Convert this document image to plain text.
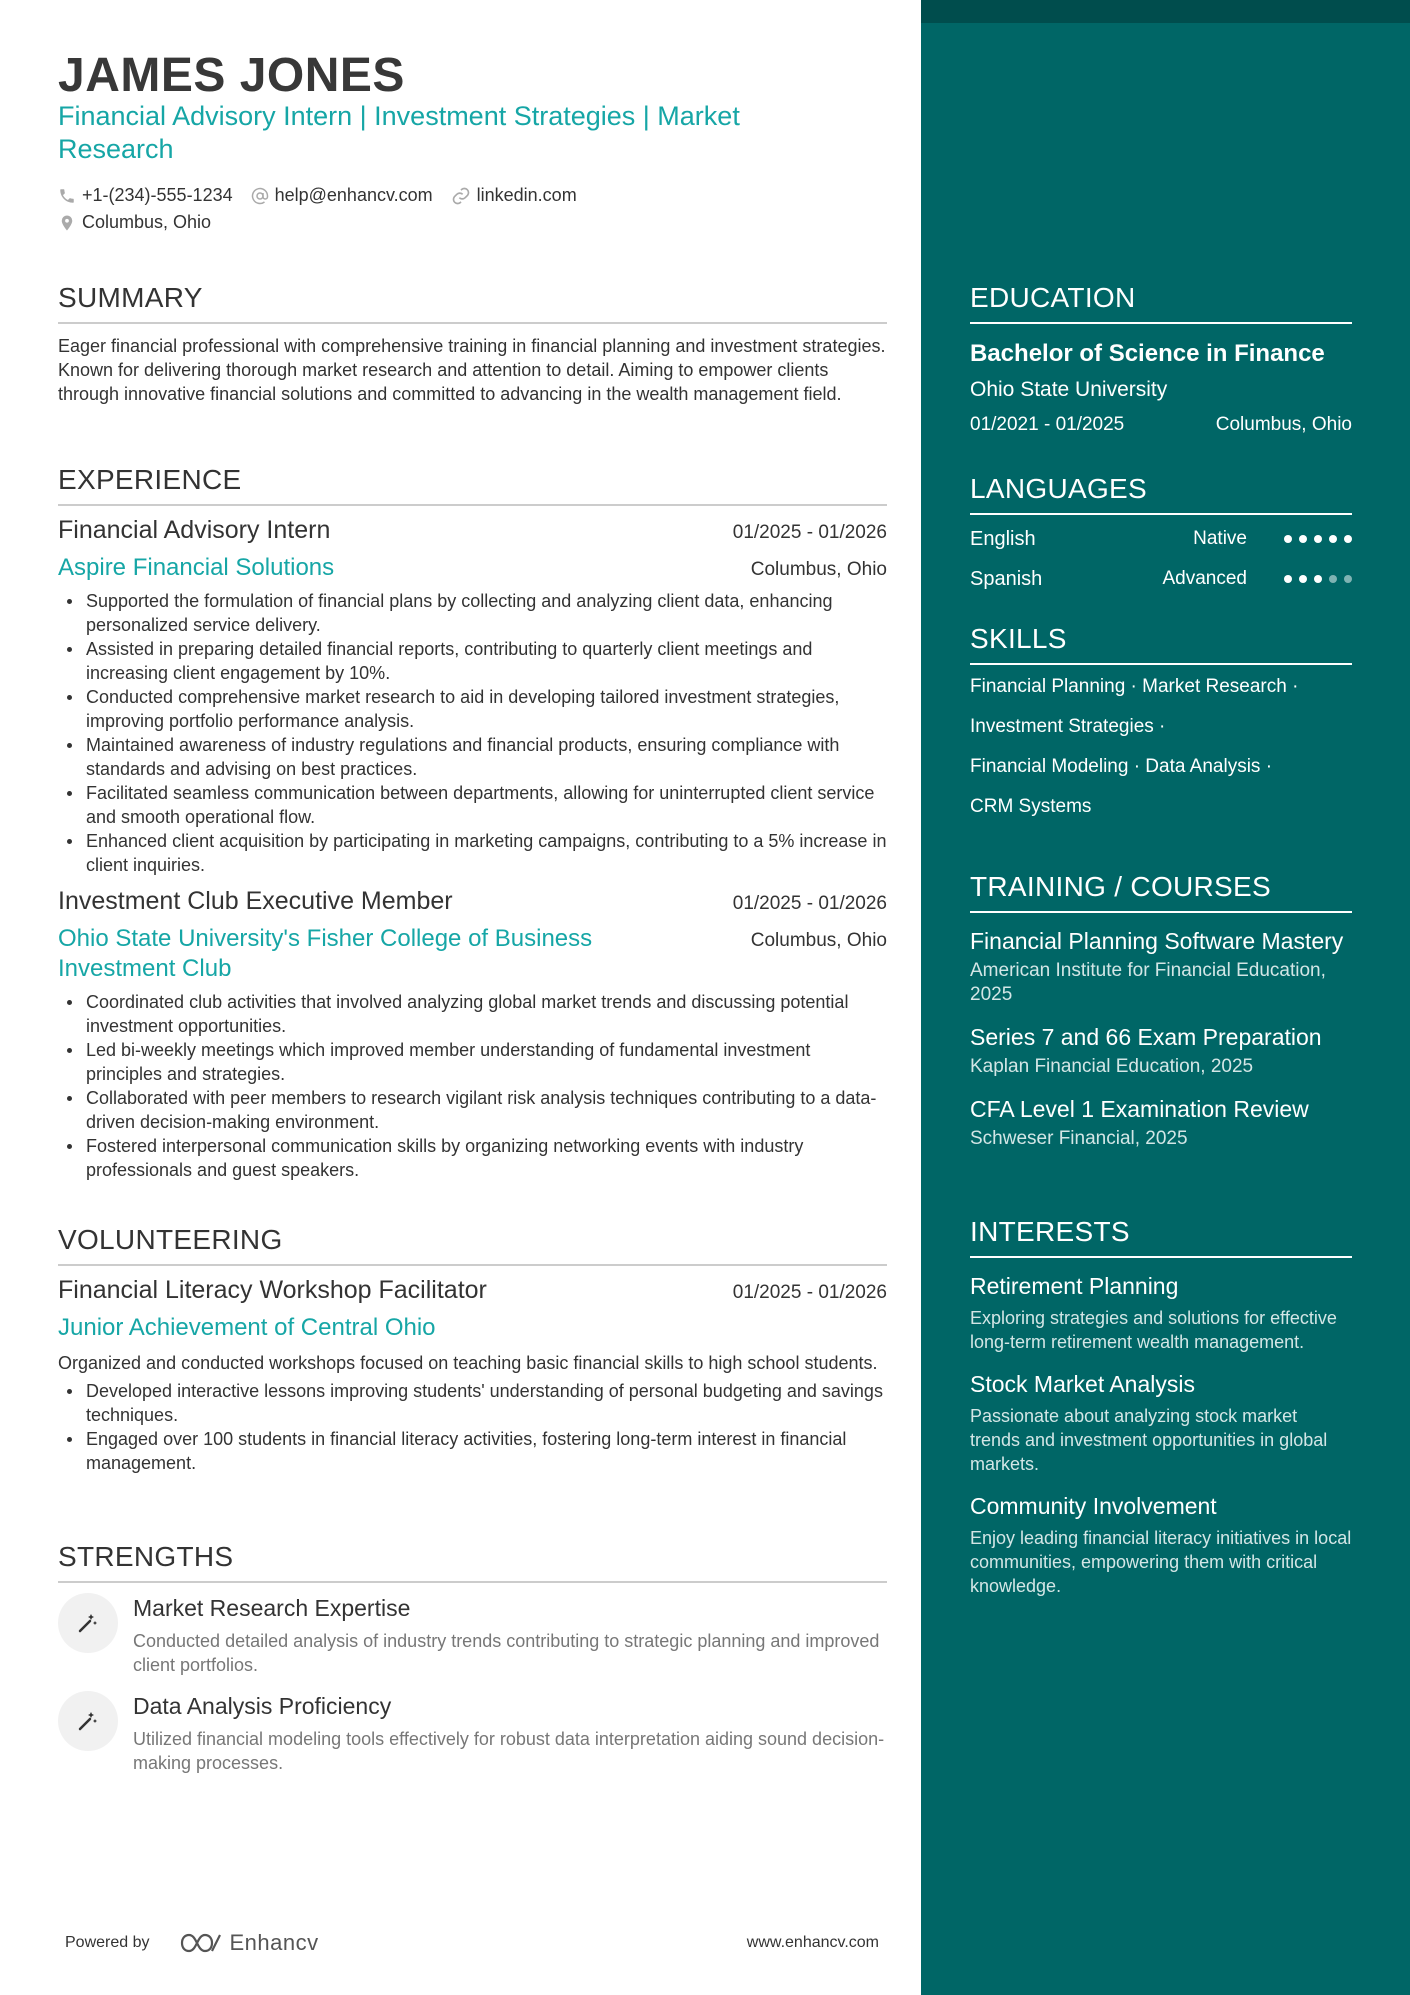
JAMES JONES
Financial Advisory Intern | Investment Strategies | Market Research
+1-(234)-555-1234 help@enhancv.com linkedin.com
Columbus, Ohio
SUMMARY
Eager financial professional with comprehensive training in financial planning and investment strategies. Known for delivering thorough market research and attention to detail. Aiming to empower clients through innovative financial solutions and committed to advancing in the wealth management field.
EXPERIENCE
Financial Advisory Intern	01/2025 - 01/2026
Aspire Financial Solutions	Columbus, Ohio
Supported the formulation of financial plans by collecting and analyzing client data, enhancing personalized service delivery.
Assisted in preparing detailed financial reports, contributing to quarterly client meetings and increasing client engagement by 10%.
Conducted comprehensive market research to aid in developing tailored investment strategies, improving portfolio performance analysis.
Maintained awareness of industry regulations and financial products, ensuring compliance with standards and advising on best practices.
Facilitated seamless communication between departments, allowing for uninterrupted client service and smooth operational flow.
Enhanced client acquisition by participating in marketing campaigns, contributing to a 5% increase in client inquiries.
Investment Club Executive Member	01/2025 - 01/2026
Ohio State University's Fisher College of Business Investment Club
Columbus, Ohio
Coordinated club activities that involved analyzing global market trends and discussing potential investment opportunities.
Led bi-weekly meetings which improved member understanding of fundamental investment principles and strategies.
Collaborated with peer members to research vigilant risk analysis techniques contributing to a data-driven decision-making environment.
Fostered interpersonal communication skills by organizing networking events with industry professionals and guest speakers.
VOLUNTEERING
Financial Literacy Workshop Facilitator	01/2025 - 01/2026
Junior Achievement of Central Ohio
Organized and conducted workshops focused on teaching basic financial skills to high school students.
Developed interactive lessons improving students' understanding of personal budgeting and savings techniques.
Engaged over 100 students in financial literacy activities, fostering long-term interest in financial management.
STRENGTHS
Market Research Expertise
Conducted detailed analysis of industry trends contributing to strategic planning and improved client portfolios.
Data Analysis Proficiency
Utilized financial modeling tools effectively for robust data interpretation aiding sound decision-making processes.
Powered by	Enhancv	www.enhancv.com
EDUCATION
Bachelor of Science in Finance
Ohio State University
01/2021 - 01/2025	Columbus, Ohio
LANGUAGES
English	Native
Spanish	Advanced
SKILLS
Financial Planning · Market Research ·
Investment Strategies ·
Financial Modeling · Data Analysis ·
CRM Systems
TRAINING / COURSES
Financial Planning Software Mastery
American Institute for Financial Education, 2025
Series 7 and 66 Exam Preparation
Kaplan Financial Education, 2025
CFA Level 1 Examination Review
Schweser Financial, 2025
INTERESTS
Retirement Planning
Exploring strategies and solutions for effective long-term retirement wealth management.
Stock Market Analysis
Passionate about analyzing stock market trends and investment opportunities in global markets.
Community Involvement
Enjoy leading financial literacy initiatives in local communities, empowering them with critical knowledge.
